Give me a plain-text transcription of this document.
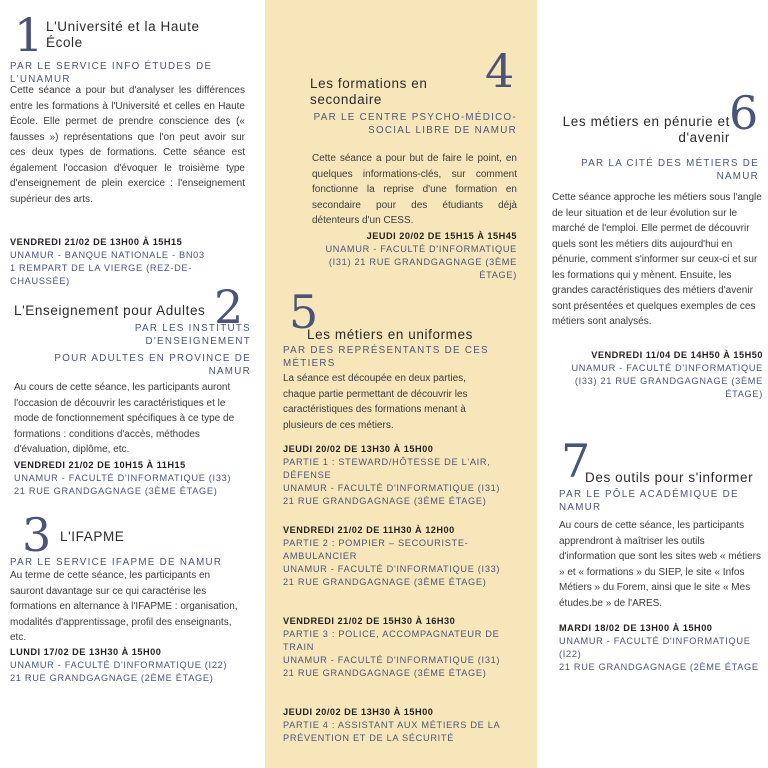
1 L'Université et la Haute École
PAR LE SERVICE INFO ÉTUDES DE L'UNAMUR
Cette séance a pour but d'analyser les différences entre les formations à l'Université et celles en Haute École. Elle permet de prendre conscience des (« fausses ») représentations que l'on peut avoir sur ces deux types de formations. Cette séance est également l'occasion d'évoquer le troisième type d'enseignement de plein exercice : l'enseignement supérieur des arts.
VENDREDI 21/02 DE 13H00 À 15H15
UNAMUR - BANQUE NATIONALE - BN03
1 REMPART DE LA VIERGE (REZ-DE-CHAUSSÉE)	2
L'Enseignement pour Adultes
PAR LES INSTITUTS D'ENSEIGNEMENT
POUR ADULTES EN PROVINCE DE NAMUR
Au cours de cette séance, les participants auront l'occasion de découvrir les caractéristiques et le mode de fonctionnement spécifiques à ce type de formations : conditions d'accès, méthodes d'évaluation, diplôme, etc.
VENDREDI 21/02 DE 10H15 À 11H15
UNAMUR - FACULTÉ D'INFORMATIQUE (I33)
21 RUE GRANDGAGNAGE (3ÈME ÉTAGE)
3 L'IFAPME
PAR LE SERVICE IFAPME DE NAMUR
Au terme de cette séance, les participants en sauront davantage sur ce qui caractérise les formations en alternance à l'IFAPME : organisation, modalités d'apprentissage, profil des enseignants, etc.
LUNDI 17/02 DE 13H30 À 15H00
UNAMUR - FACULTÉ D'INFORMATIQUE (I22)
21 RUE GRANDGAGNAGE (2ÈME ÉTAGE)
4
Les formations en secondaire
PAR LE CENTRE PSYCHO-MÉDICO-SOCIAL LIBRE DE NAMUR
Cette séance a pour but de faire le point, en quelques informations-clés, sur comment fonctionne la reprise d'une formation en secondaire pour des étudiants déjà détenteurs d'un CESS.
JEUDI 20/02 DE 15H15 À 15H45
UNAMUR - FACULTÉ D'INFORMATIQUE
(I31) 21 RUE GRANDGAGNAGE (3ÈME ÉTAGE)
5
Les métiers en uniformes
PAR DES REPRÉSENTANTS DE CES MÉTIERS
La séance est découpée en deux parties, chaque partie permettant de découvrir les caractéristiques des formations menant à plusieurs de ces métiers.
JEUDI 20/02 DE 13H30 À 15H00
PARTIE 1 : STEWARD/HÔTESSE DE L'AIR, DÉFENSE
UNAMUR - FACULTÉ D'INFORMATIQUE (I31)
21 RUE GRANDGAGNAGE (3ÈME ÉTAGE)
VENDREDI 21/02 DE 11H30 À 12H00
PARTIE 2 : POMPIER – SECOURISTE-AMBULANCIER
UNAMUR - FACULTÉ D'INFORMATIQUE (I33)
21 RUE GRANDGAGNAGE (3ÈME ÉTAGE)
VENDREDI 21/02 DE 15H30 À 16H30
PARTIE 3 : POLICE, ACCOMPAGNATEUR DE TRAIN
UNAMUR - FACULTÉ D'INFORMATIQUE (I31)
21 RUE GRANDGAGNAGE (3ÈME ÉTAGE)
JEUDI 20/02 DE 13H30 À 15H00
PARTIE 4 : ASSISTANT AUX MÉTIERS DE LA PRÉVENTION ET DE LA SÉCURITÉ
6
Les métiers en pénurie et d'avenir
PAR LA CITÉ DES MÉTIERS DE NAMUR
Cette séance approche les métiers sous l'angle de leur situation et de leur évolution sur le marché de l'emploi. Elle permet de découvrir quels sont les métiers dits aujourd'hui en pénurie, comment s'informer sur ceux-ci et sur les formations qui y mènent. Ensuite, les grandes caractéristiques des métiers d'avenir sont présentées et quelques exemples de ces métiers sont analysés.
VENDREDI 11/04 DE 14H50 À 15H50
UNAMUR - FACULTÉ D'INFORMATIQUE
(I33) 21 RUE GRANDGAGNAGE (3ÈME ÉTAGE)
7
Des outils pour s'informer
PAR LE PÔLE ACADÉMIQUE DE NAMUR
Au cours de cette séance, les participants apprendront à maîtriser les outils d'information que sont les sites web « métiers » et « formations » du SIEP, le site « Infos Métiers » du Forem, ainsi que le site « Mes études.be » de l'ARES.
MARDI 18/02 DE 13H00 À 15H00
UNAMUR - FACULTÉ D'INFORMATIQUE (I22)
21 RUE GRANDGAGNAGE (2ÈME ÉTAGE
